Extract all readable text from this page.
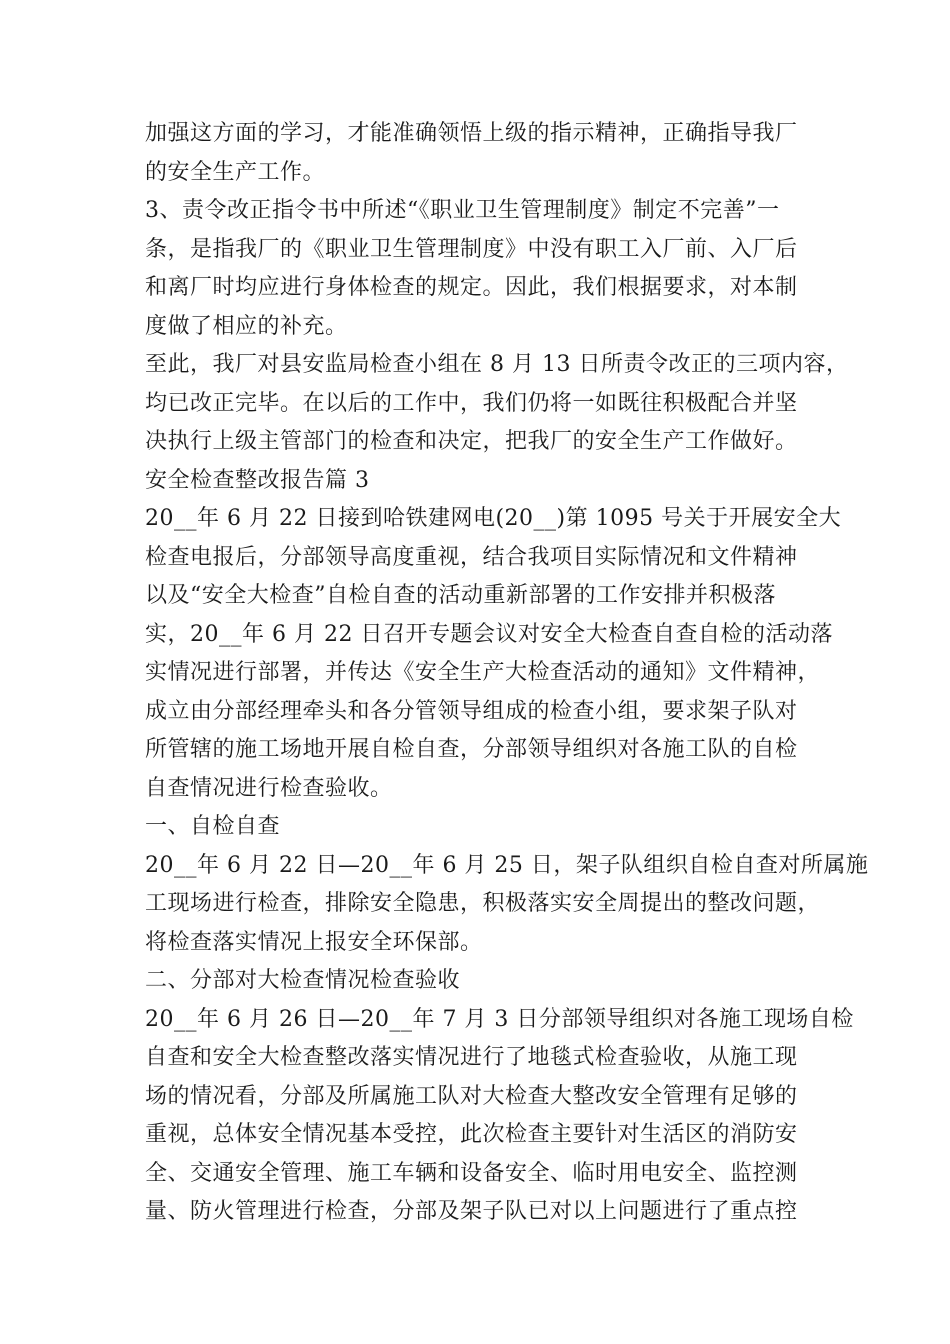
加强这方面的学习，才能准确领悟上级的指示精神，正确指导我厂
的安全生产工作。
3、责令改正指令书中所述“《职业卫生管理制度》制定不完善”一
条，是指我厂的《职业卫生管理制度》中没有职工入厂前、入厂后
和离厂时均应进行身体检查的规定。因此，我们根据要求，对本制
度做了相应的补充。
至此，我厂对县安监局检查小组在 8 月 13 日所责令改正的三项内容，
均已改正完毕。在以后的工作中，我们仍将一如既往积极配合并坚
决执行上级主管部门的检查和决定，把我厂的安全生产工作做好。
安全检查整改报告篇 3
20__年 6 月 22 日接到哈铁建网电(20__)第 1095 号关于开展安全大
检查电报后，分部领导高度重视，结合我项目实际情况和文件精神
以及“安全大检查”自检自查的活动重新部署的工作安排并积极落
实，20__年 6 月 22 日召开专题会议对安全大检查自查自检的活动落
实情况进行部署，并传达《安全生产大检查活动的通知》文件精神，
成立由分部经理牵头和各分管领导组成的检查小组，要求架子队对
所管辖的施工场地开展自检自查，分部领导组织对各施工队的自检
自查情况进行检查验收。
一、自检自查
20__年 6 月 22 日—20__年 6 月 25 日，架子队组织自检自查对所属施
工现场进行检查，排除安全隐患，积极落实安全周提出的整改问题，
将检查落实情况上报安全环保部。
二、分部对大检查情况检查验收
20__年 6 月 26 日—20__年 7 月 3 日分部领导组织对各施工现场自检
自查和安全大检查整改落实情况进行了地毯式检查验收，从施工现
场的情况看，分部及所属施工队对大检查大整改安全管理有足够的
重视，总体安全情况基本受控，此次检查主要针对生活区的消防安
全、交通安全管理、施工车辆和设备安全、临时用电安全、监控测
量、防火管理进行检查，分部及架子队已对以上问题进行了重点控
